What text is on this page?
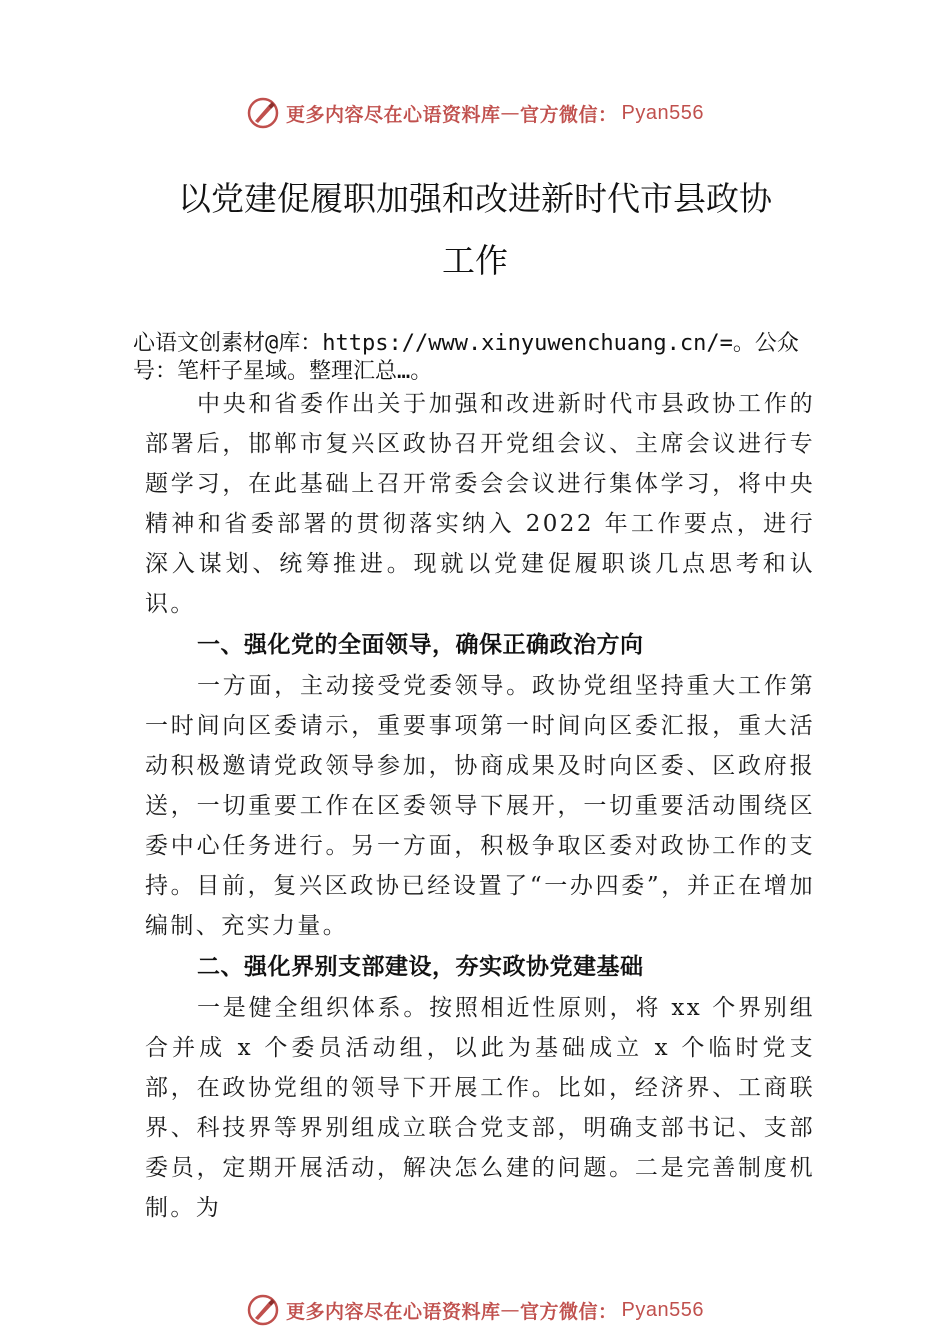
更多内容尽在心语资料库 — 官方微信： Pyan556
以党建促履职加强和改进新时代市县政协
工作
心语文创素材@库：https://www.xinyuwenchuang.cn/=。公众
号：笔杆子星域。整理汇总…。

中央和省委作出关于加强和改进新时代市县政协工作的部署后，邯郸市复兴区政协召开党组会议、主席会议进行专题学习，在此基础上召开常委会会议进行集体学习，将中央精神和省委部署的贯彻落实纳入 2022 年工作要点，进行深入谋划、统筹推进。现就以党建促履职谈几点思考和认识。

一、强化党的全面领导，确保正确政治方向

一方面，主动接受党委领导。政协党组坚持重大工作第一时间向区委请示，重要事项第一时间向区委汇报，重大活动积极邀请党政领导参加，协商成果及时向区委、区政府报送，一切重要工作在区委领导下展开，一切重要活动围绕区委中心任务进行。另一方面，积极争取区委对政协工作的支持。目前，复兴区政协已经设置了“一办四委”，并正在增加编制、充实力量。

二、强化界别支部建设，夯实政协党建基础

一是健全组织体系。按照相近性原则，将 xx 个界别组合并成 x 个委员活动组，以此为基础成立 x 个临时党支部，在政协党组的领导下开展工作。比如，经济界、工商联界、科技界等界别组成立联合党支部，明确支部书记、支部委员，定期开展活动，解决怎么建的问题。二是完善制度机制。为

更多内容尽在心语资料库 — 官方微信： Pyan556
